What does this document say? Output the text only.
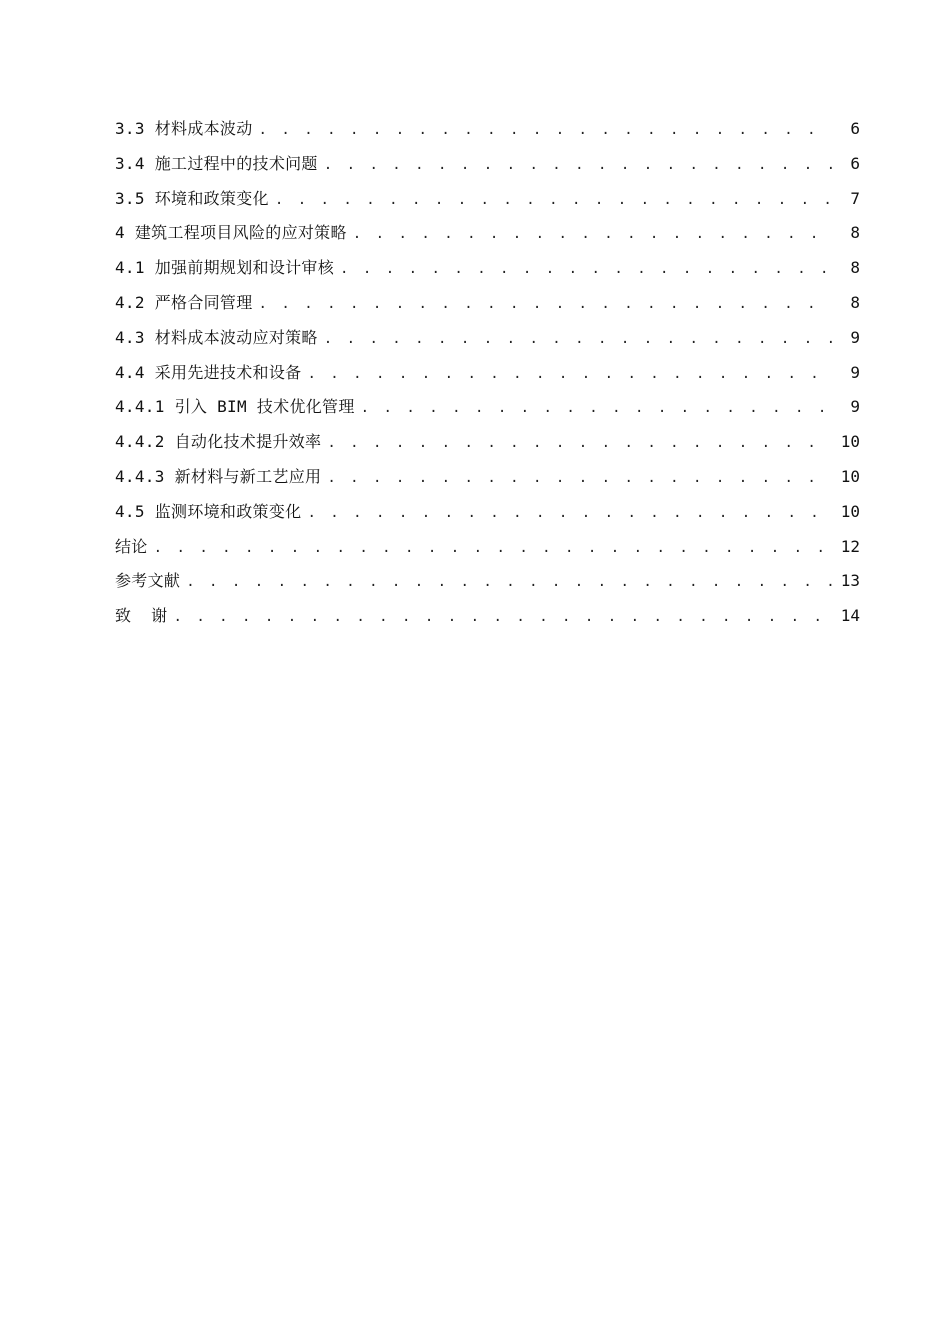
3.3 材料成本波动 . . .	6
3.4 施工过程中的技术问题 . . .	6
3.5 环境和政策变化 . . .	7
4 建筑工程项目风险的应对策略 . . .	8
4.1 加强前期规划和设计审核 . . .	8
4.2 严格合同管理 . . .	8
4.3 材料成本波动应对策略 . . .	9
4.4 采用先进技术和设备 . . .	9
4.4.1 引入 BIM 技术优化管理 . . .	9
4.4.2 自动化技术提升效率 . . .	10
4.4.3 新材料与新工艺应用 . . .	10
4.5 监测环境和政策变化 . . .	10
结论 . . .	12
参考文献 . . .	13
致  谢 . . .	14
